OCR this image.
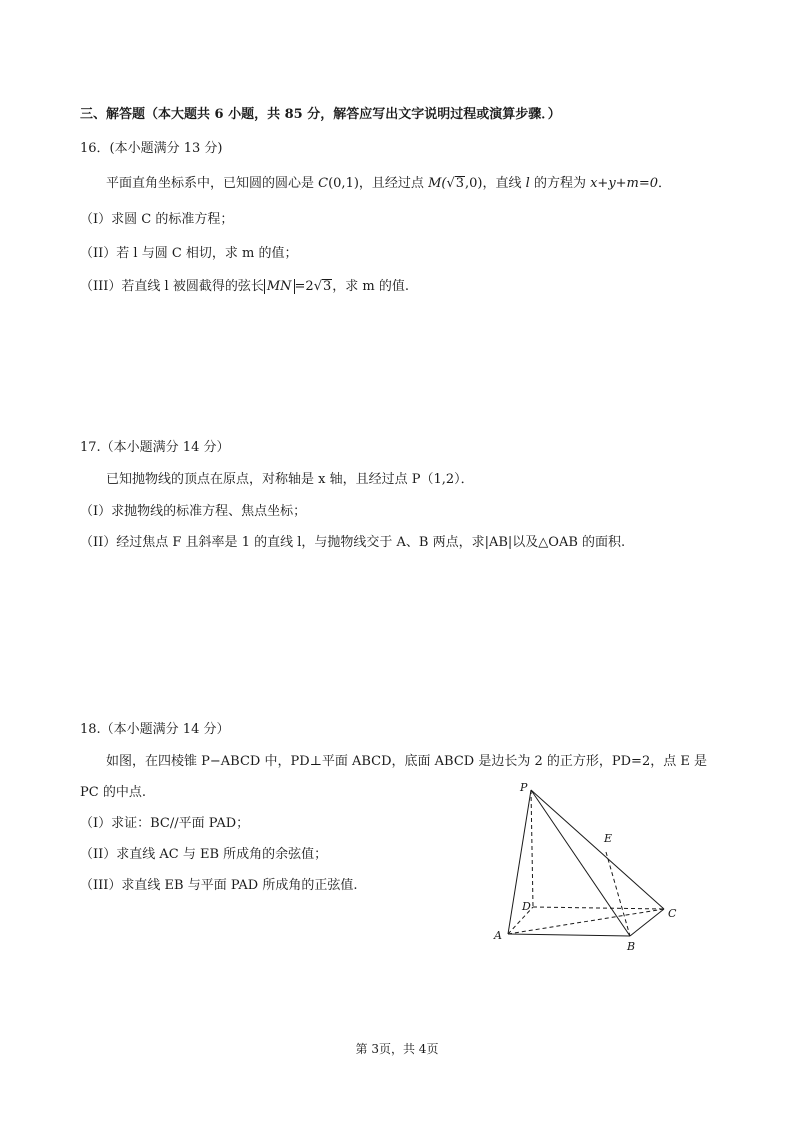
三、解答题（本大题共 6 小题，共 85 分，解答应写出文字说明过程或演算步骤．）
16．(本小题满分 13 分)
平面直角坐标系中，已知圆的圆心是 C(0,1)，且经过点 M(√3,0)，直线 l 的方程为 x+y+m=0．
（I）求圆 C 的标准方程；
（II）若 l 与圆 C 相切，求 m 的值；
（III）若直线 l 被圆截得的弦长 MN =2√3，求 m 的值.
17.（本小题满分 14 分）
已知抛物线的顶点在原点，对称轴是 x 轴，且经过点 P（1,2）．
（I）求抛物线的标准方程、焦点坐标；
（II）经过焦点 F 且斜率是 1 的直线 l，与抛物线交于 A、B 两点，求|AB|以及△OAB 的面积.
18.（本小题满分 14 分）
如图，在四棱锥 P−ABCD 中，PD⊥平面 ABCD，底面 ABCD 是边长为 2 的正方形，PD=2，点 E 是
PC 的中点.
（I）求证：BC//平面 PAD；
（II）求直线 AC 与 EB 所成角的余弦值；
（III）求直线 EB 与平面 PAD 所成角的正弦值.
P
E
D
C
A
B
第 3页，共 4页
